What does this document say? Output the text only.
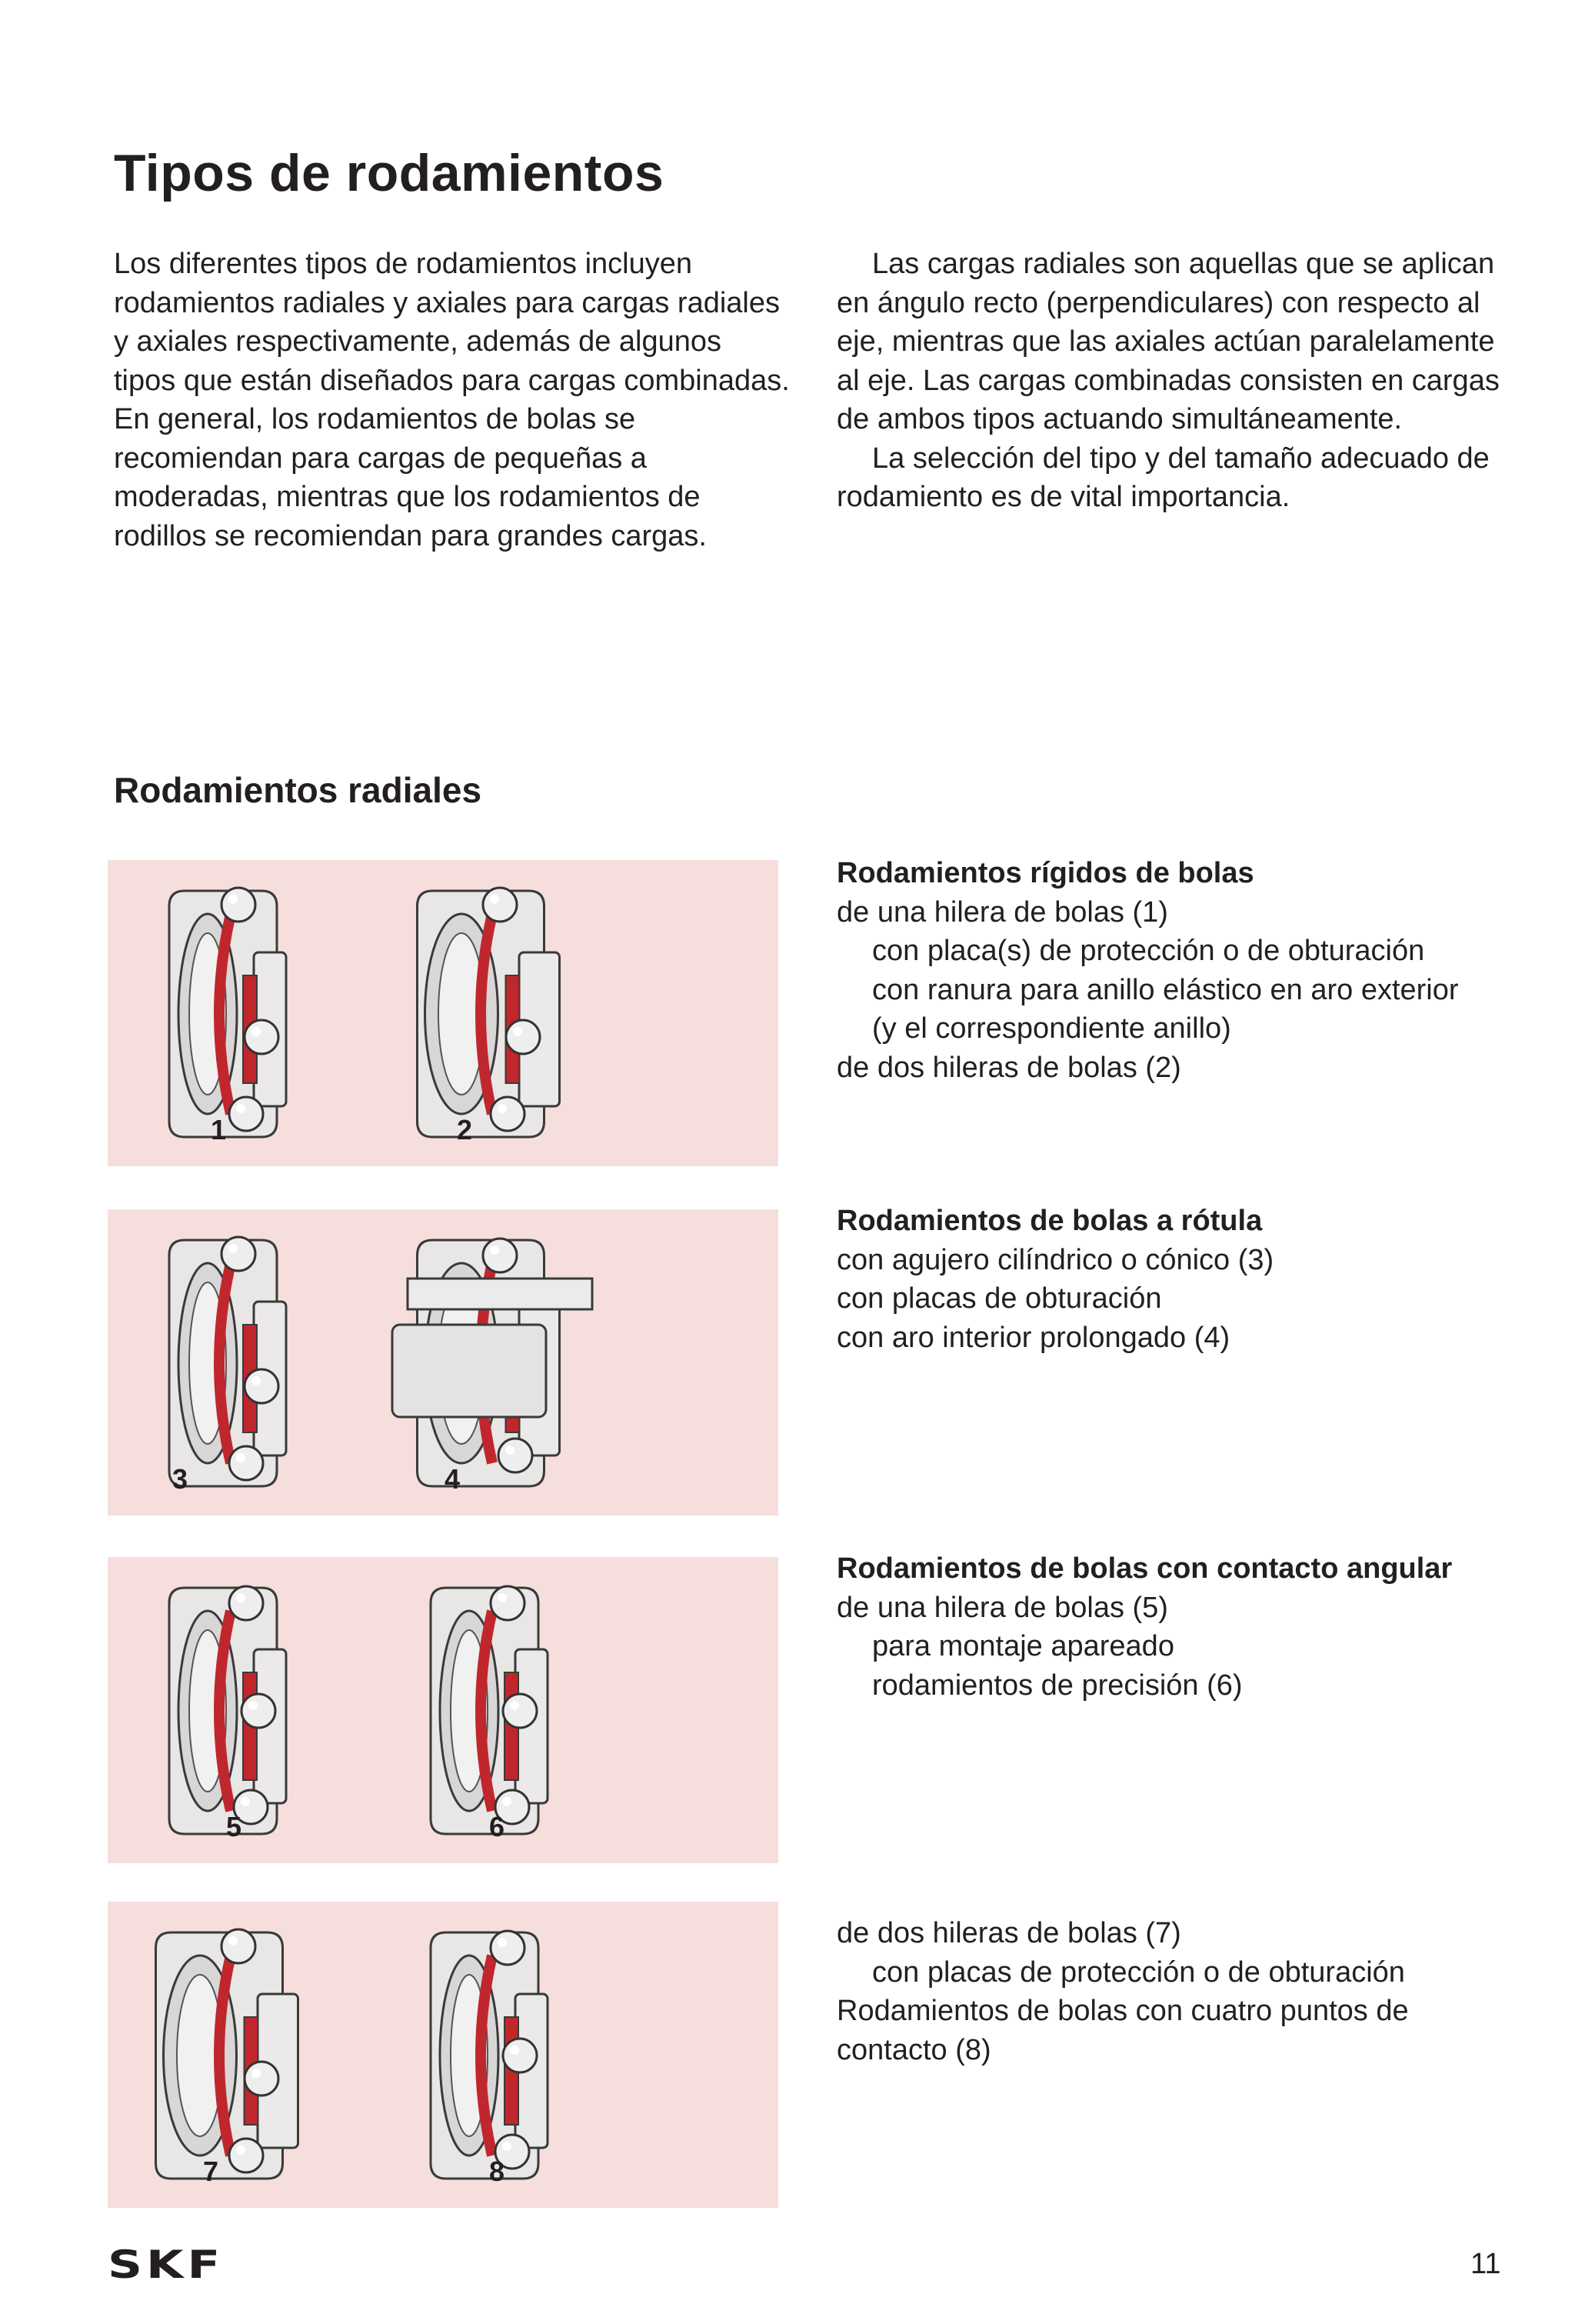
Tipos de rodamientos

Los diferentes tipos de rodamientos incluyen rodamientos radiales y axiales para cargas radiales y axiales respectivamente, además de algunos tipos que están diseñados para cargas combinadas. En general, los rodamientos de bolas se recomiendan para cargas de pequeñas a moderadas, mientras que los rodamientos de rodillos se recomiendan para grandes cargas.

Las cargas radiales son aquellas que se aplican en ángulo recto (perpendiculares) con respecto al eje, mientras que las axiales actúan paralelamente al eje. Las cargas combinadas consisten en cargas de ambos tipos actuando simultáneamente.

La selección del tipo y del tamaño adecuado de rodamiento es de vital importancia.

Rodamientos radiales
1	2
3	4
5	6
7	8
Rodamientos rígidos de bolas
de una hilera de bolas (1)
con placa(s) de protección o de obturación
con ranura para anillo elástico en aro exterior
(y el correspondiente anillo)
de dos hileras de bolas (2)
Rodamientos de bolas a rótula
con agujero cilíndrico o cónico (3)
con placas de obturación
con aro interior prolongado (4)
Rodamientos de bolas con contacto angular
de una hilera de bolas (5)
para montaje apareado
rodamientos de precisión (6)
de dos hileras de bolas (7)
con placas de protección o de obturación
Rodamientos de bolas con cuatro puntos de
contacto (8)
SKF	11
